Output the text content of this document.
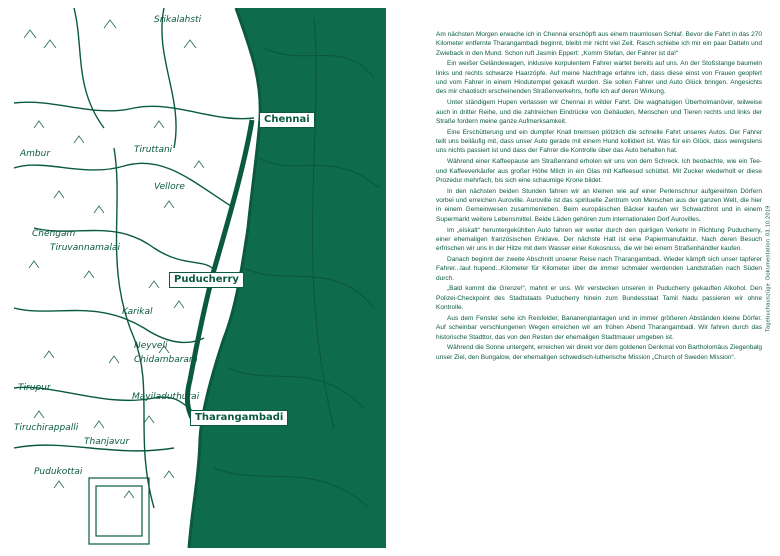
Srikalahsti
Chennai
Ambur	Tiruttani
Vellore
Chengam
Tiruvannamalai
Puducherry
Karikal
Neyveli
Chidambaram
Mayiladuthurai
Tharangambadi
Tiruchirappalli
Thanjavur
Pudukottai
Tirupur

Am nächsten Morgen erwache ich in Chennai erschöpft aus einem traumlosen Schlaf. Bevor die Fahrt in das 270 Kilometer entfernte Tharangambadi beginnt, bleibt mir nicht viel Zeit. Rasch schiebe ich mir ein paar Datteln und Zwieback in den Mund. Schon ruft Jasmin Eppert: „Komm Stefan, der Fahrer ist da!“

Ein weißer Geländewagen, inklusive korpulentem Fahrer wartet bereits auf uns. An der Stoßstange baumeln links und rechts schwarze Haarzöpfe. Auf meine Nachfrage erfahre ich, dass diese einst von Frauen geopfert und vom Fahrer in einem Hindutempel gekauft wurden. Sie sollen Fahrer und Auto Glück bringen. Angesichts des mir chaotisch erscheinenden Straßenverkehrs, hoffe ich auf deren Wirkung.

Unter ständigem Hupen verlassen wir Chennai in wilder Fahrt. Die waghalsigen Überholmanöver, teilweise auch in dritter Reihe, und die zahlreichen Eindrücke von Gebäuden, Menschen und Tieren rechts und links der Straße fordern meine ganze Aufmerksamkeit.

Eine Erschütterung und ein dumpfer Knall bremsen plötzlich die schnelle Fahrt unseres Autos. Der Fahrer teilt uns beiläufig mit, dass unser Auto gerade mit einem Hund kollidiert ist. Was für ein Glück, dass wenigstens uns nichts passiert ist und dass der Fahrer die Kontrolle über das Auto behalten hat.

Während einer Kaffeepause am Straßenrand erholen wir uns von dem Schreck. Ich beobachte, wie ein Tee- und Kaffeeverkäufer aus großer Höhe Milch in ein Glas mit Kaffeesud schüttet. Mit Zucker wiederholt er diese Prozedur mehrfach, bis sich eine schaumige Krone bildet.

In den nächsten beiden Stunden fahren wir an kleinen wie auf einer Perlenschnur aufgereihten Dörfern vorbei und erreichen Auroville. Auroville ist das spirituelle Zentrum von Menschen aus der ganzen Welt, die hier in einem Gemeinwesen zusammenleben. Beim europäischen Bäcker kaufen wir Schwarzbrot und in einem Supermarkt weitere Lebensmittel. Beide Läden gehören zum internationalen Dorf Aurovilles.

Im „eiskalt“ heruntergekühlten Auto fahren wir weiter durch den quirligen Verkehr in Richtung Puducherry, einer ehemaligen französischen Enklave. Der nächste Halt ist eine Papiermanufaktur. Nach deren Besuch erfrischen wir uns in der Hitze mit dem Wasser einer Kokosnuss, die wir bei einem Straßenhändler kaufen.

Danach beginnt der zweite Abschnitt unserer Reise nach Tharangambadi. Wieder kämpft sich unser tapferer Fahrer...laut hupend...Kilometer für Kilometer über die immer schmaler werdenden Landstraßen nach Süden durch.

„Bald kommt die Grenze!“, mahnt er uns. Wir verstecken unseren in Puducherry gekauften Alkohol. Den Polizei-Checkpoint des Stadtstaats Puducherry hinein zum Bundesstaat Tamil Nadu passieren wir ohne Kontrolle.

Aus dem Fenster sehe ich Reisfelder, Bananenplantagen und in immer größeren Abständen kleine Dörfer. Auf scheinbar verschlungenen Wegen erreichen wir am frühen Abend Tharangambadi. Wir fahren durch das historische Stadttor, das von den Resten der ehemaligen Stadtmauer umgeben ist.

Während die Sonne untergeht, erreichen wir direkt vor dem goldenen Denkmal von Bartholomäus Ziegenbalg unser Ziel, den Bungalow, der ehemaligen schwedisch-lutherische Mission „Church of Sweden Mission“.

TagebuchauszügeDokumentation03.10.2019
